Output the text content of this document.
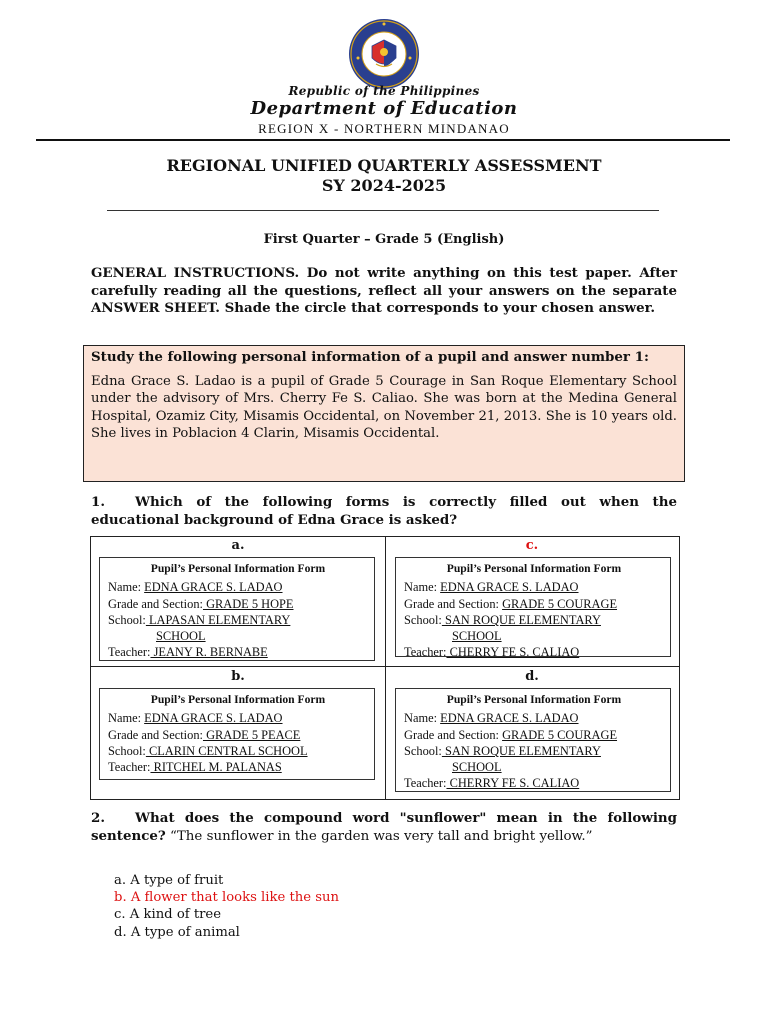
Republic of the Philippines
Department of Education
REGION X - NORTHERN MINDANAO
REGIONAL UNIFIED QUARTERLY ASSESSMENT
SY 2024-2025
First Quarter – Grade 5 (English)
GENERAL INSTRUCTIONS. Do not write anything on this test paper. After carefully reading all the questions, reflect all your answers on the separate ANSWER SHEET. Shade the circle that corresponds to your chosen answer.

Study the following personal information of a pupil and answer number 1:

Edna Grace S. Ladao is a pupil of Grade 5 Courage in San Roque Elementary School under the advisory of Mrs. Cherry Fe S. Caliao. She was born at the Medina General Hospital, Ozamiz City, Misamis Occidental, on November 21, 2013. She is 10 years old. She lives in Poblacion 4 Clarin, Misamis Occidental.

1. Which of the following forms is correctly filled out when the educational background of Edna Grace is asked?
a.
Pupil’s Personal Information Form
Name: EDNA GRACE S. LADAO
Grade and Section: GRADE 5 HOPE
School: LAPASAN ELEMENTARY
SCHOOL
Teacher: JEANY R. BERNABE
c.
Pupil’s Personal Information Form
Name: EDNA GRACE S. LADAO
Grade and Section: GRADE 5 COURAGE
School: SAN ROQUE ELEMENTARY
SCHOOL
Teacher: CHERRY FE S. CALIAO
b.
Pupil’s Personal Information Form
Name: EDNA GRACE S. LADAO
Grade and Section: GRADE 5 PEACE
School: CLARIN CENTRAL SCHOOL
Teacher: RITCHEL M. PALANAS
d.
Pupil’s Personal Information Form
Name: EDNA GRACE S. LADAO
Grade and Section: GRADE 5 COURAGE
School: SAN ROQUE ELEMENTARY
SCHOOL
Teacher: CHERRY FE S. CALIAO
2. What does the compound word "sunflower" mean in the following sentence? “The sunflower in the garden was very tall and bright yellow.”
a. A type of fruit
b. A flower that looks like the sun
c. A kind of tree
d. A type of animal
